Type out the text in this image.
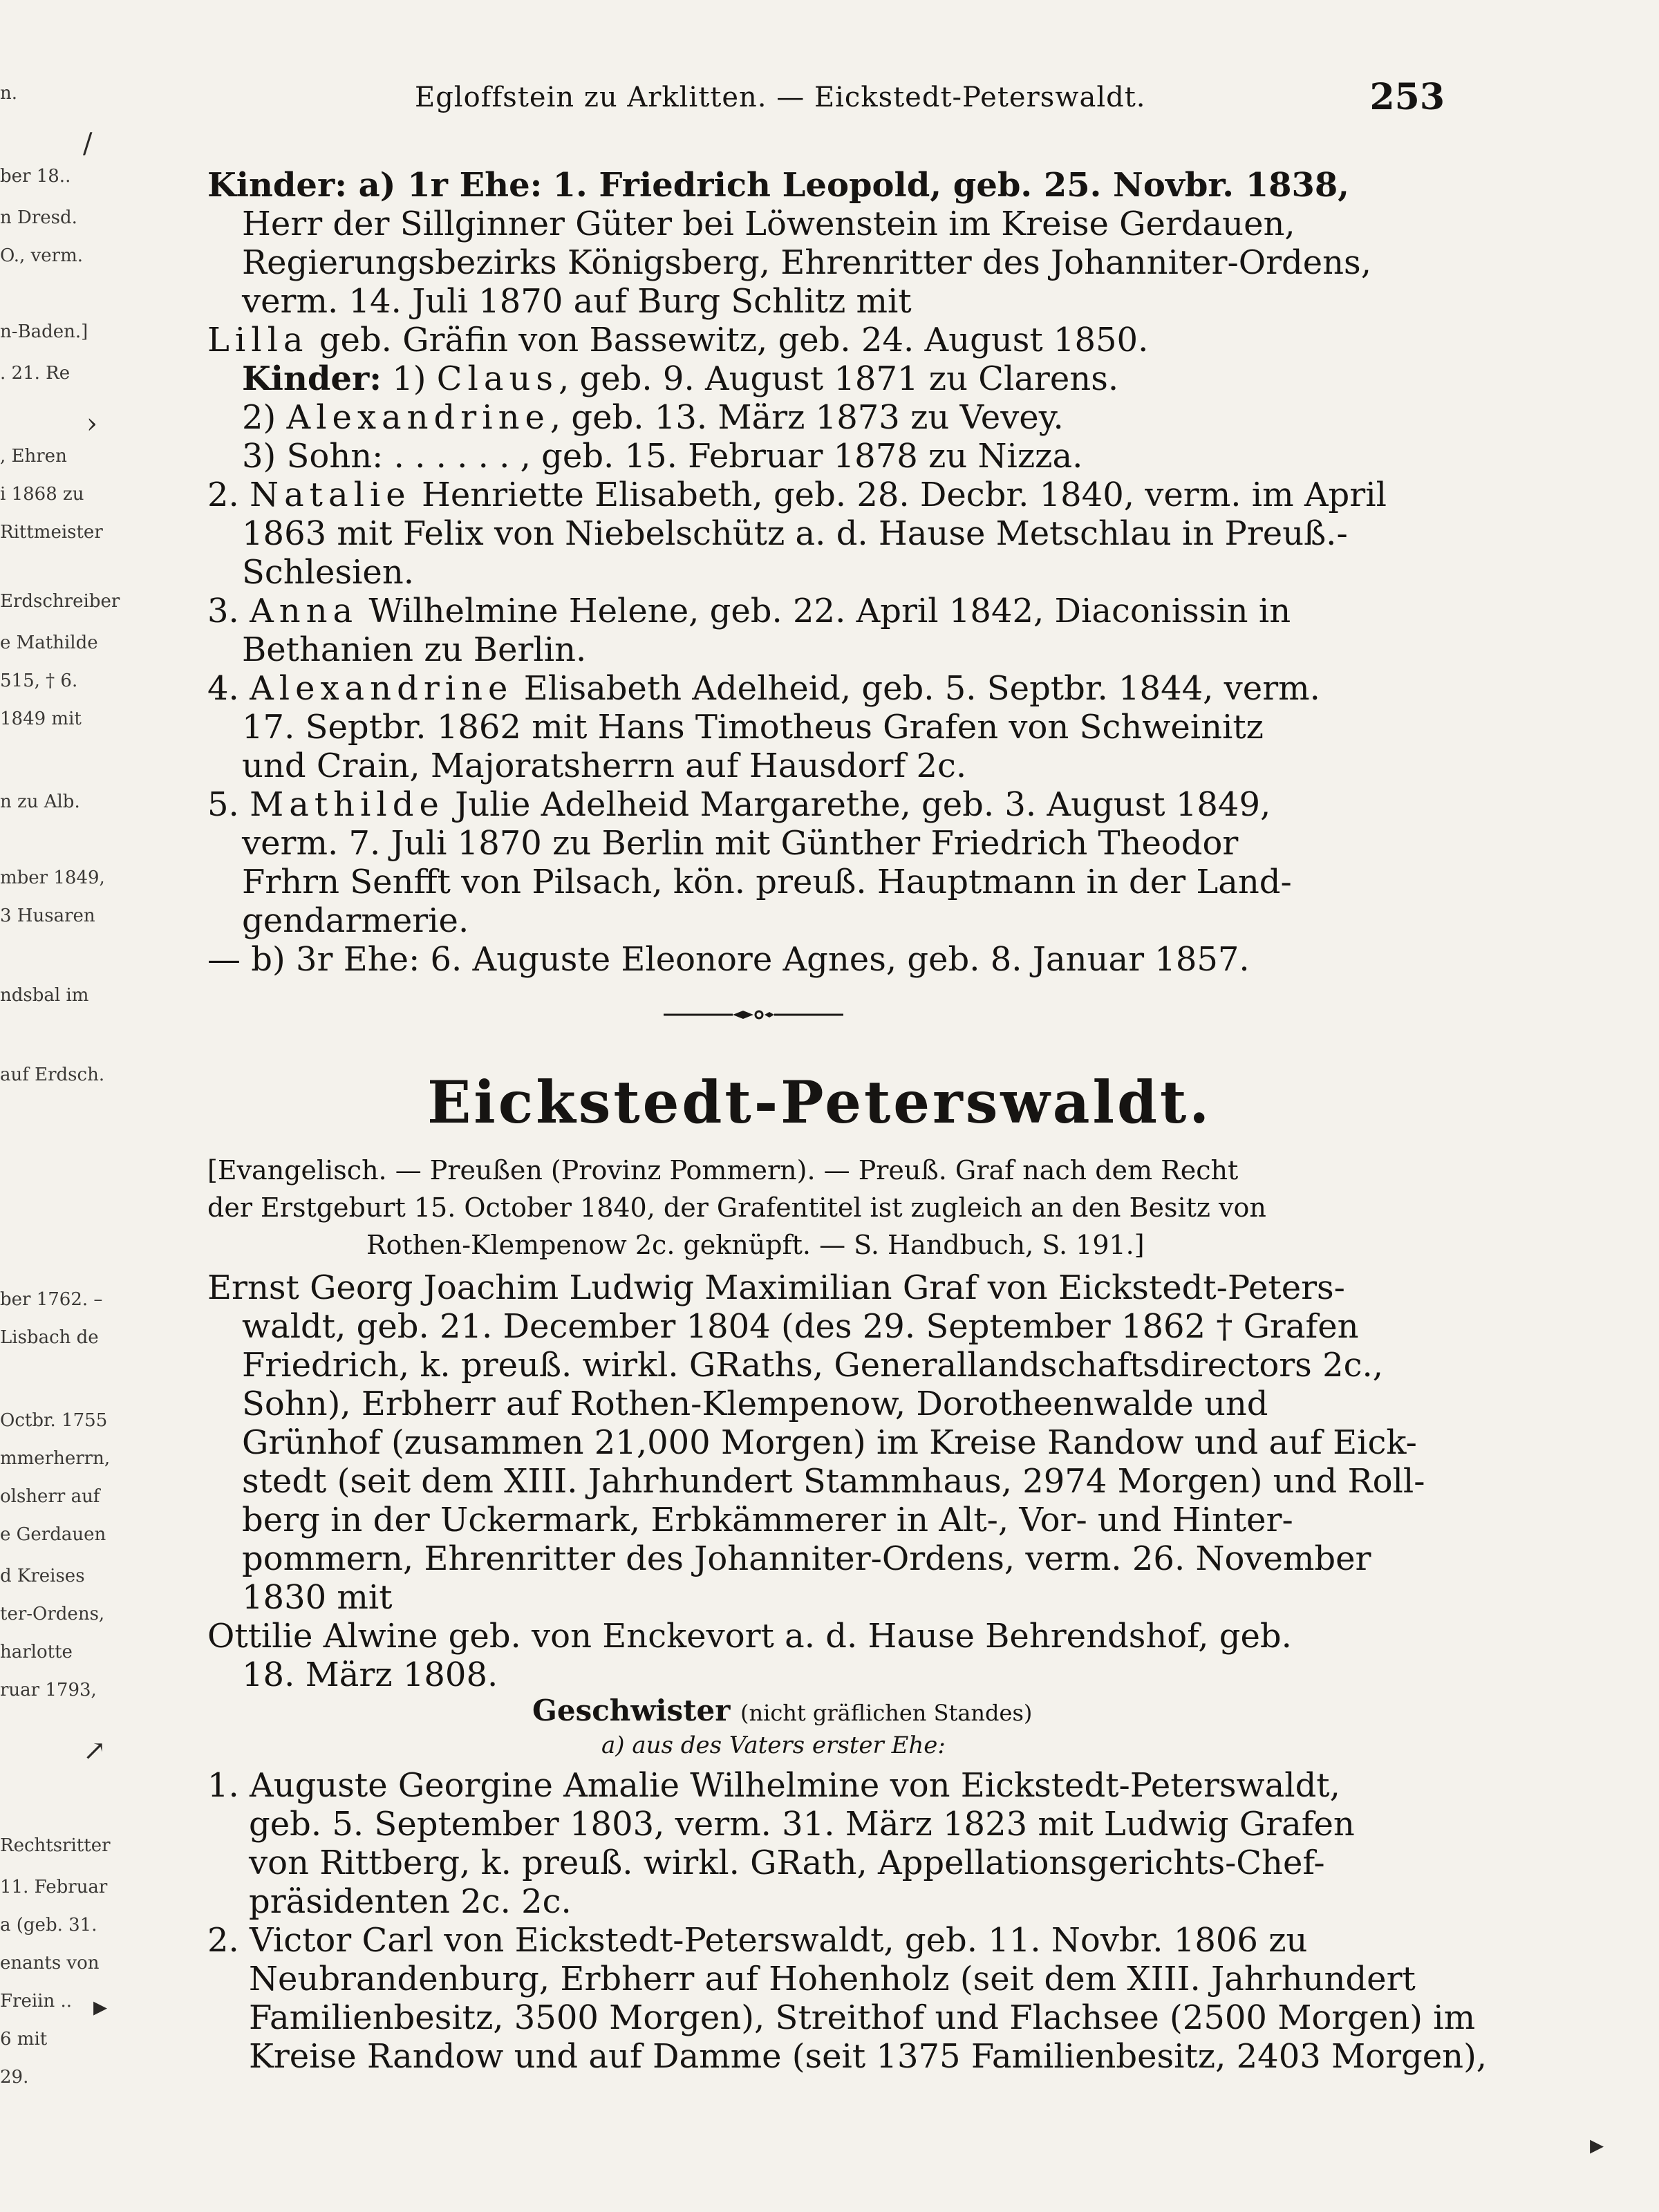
n.
ber 18..
n Dresd.
O., verm.
n-Baden.]
. 21. Re
, Ehren
i 1868 zu
Rittmeister
Erdschreiber
e Mathilde
515, † 6.
1849 mit
n zu Alb.
mber 1849,
3 Husaren
ndsbal im
auf Erdsch.
ber 1762. –
Lisbach de
Octbr. 1755
mmerherrn,
olsherr auf
e Gerdauen
d Kreises
ter-Ordens,
harlotte
ruar 1793,
Rechtsritter
11. Februar
a (geb. 31.
enants von
Freiin ..
6 mit
29.
/
›
↗
▸
▸
Egloffstein zu Arklitten. — Eickstedt-Peterswaldt.	253
Kinder: a) 1r Ehe: 1. Friedrich Leopold, geb. 25. Novbr. 1838,
Herr der Sillginner Güter bei Löwenstein im Kreise Gerdauen,
Regierungsbezirks Königsberg, Ehrenritter des Johanniter-Ordens,
verm. 14. Juli 1870 auf Burg Schlitz mit
Lilla geb. Gräfin von Bassewitz, geb. 24. August 1850.
Kinder: 1) Claus, geb. 9. August 1871 zu Clarens.
2) Alexandrine, geb. 13. März 1873 zu Vevey.
3) Sohn: . . . . . . , geb. 15. Februar 1878 zu Nizza.
2. Natalie Henriette Elisabeth, geb. 28. Decbr. 1840, verm. im April
1863 mit Felix von Niebelschütz a. d. Hause Metschlau in Preuß.-
Schlesien.
3. Anna Wilhelmine Helene, geb. 22. April 1842, Diaconissin in
Bethanien zu Berlin.
4. Alexandrine Elisabeth Adelheid, geb. 5. Septbr. 1844, verm.
17. Septbr. 1862 mit Hans Timotheus Grafen von Schweinitz
und Crain, Majoratsherrn auf Hausdorf 2c.
5. Mathilde Julie Adelheid Margarethe, geb. 3. August 1849,
verm. 7. Juli 1870 zu Berlin mit Günther Friedrich Theodor
Frhrn Senfft von Pilsach, kön. preuß. Hauptmann in der Land-
gendarmerie.
— b) 3r Ehe: 6. Auguste Eleonore Agnes, geb. 8. Januar 1857.
Eickstedt-Peterswaldt.
[Evangelisch. — Preußen (Provinz Pommern). — Preuß. Graf nach dem Recht
der Erstgeburt 15. October 1840, der Grafentitel ist zugleich an den Besitz von
Rothen-Klempenow 2c. geknüpft. — S. Handbuch, S. 191.]
Ernst Georg Joachim Ludwig Maximilian Graf von Eickstedt-Peters-
waldt, geb. 21. December 1804 (des 29. September 1862 † Grafen
Friedrich, k. preuß. wirkl. GRaths, Generallandschaftsdirectors 2c.,
Sohn), Erbherr auf Rothen-Klempenow, Dorotheenwalde und
Grünhof (zusammen 21,000 Morgen) im Kreise Randow und auf Eick-
stedt (seit dem XIII. Jahrhundert Stammhaus, 2974 Morgen) und Roll-
berg in der Uckermark, Erbkämmerer in Alt-, Vor- und Hinter-
pommern, Ehrenritter des Johanniter-Ordens, verm. 26. November
1830 mit
Ottilie Alwine geb. von Enckevort a. d. Hause Behrendshof, geb.
18. März 1808.
Geschwister (nicht gräflichen Standes)
a) aus des Vaters erster Ehe:
1. Auguste Georgine Amalie Wilhelmine von Eickstedt-Peterswaldt,
geb. 5. September 1803, verm. 31. März 1823 mit Ludwig Grafen
von Rittberg, k. preuß. wirkl. GRath, Appellationsgerichts-Chef-
präsidenten 2c. 2c.
2. Victor Carl von Eickstedt-Peterswaldt, geb. 11. Novbr. 1806 zu
Neubrandenburg, Erbherr auf Hohenholz (seit dem XIII. Jahrhundert
Familienbesitz, 3500 Morgen), Streithof und Flachsee (2500 Morgen) im
Kreise Randow und auf Damme (seit 1375 Familienbesitz, 2403 Morgen),
